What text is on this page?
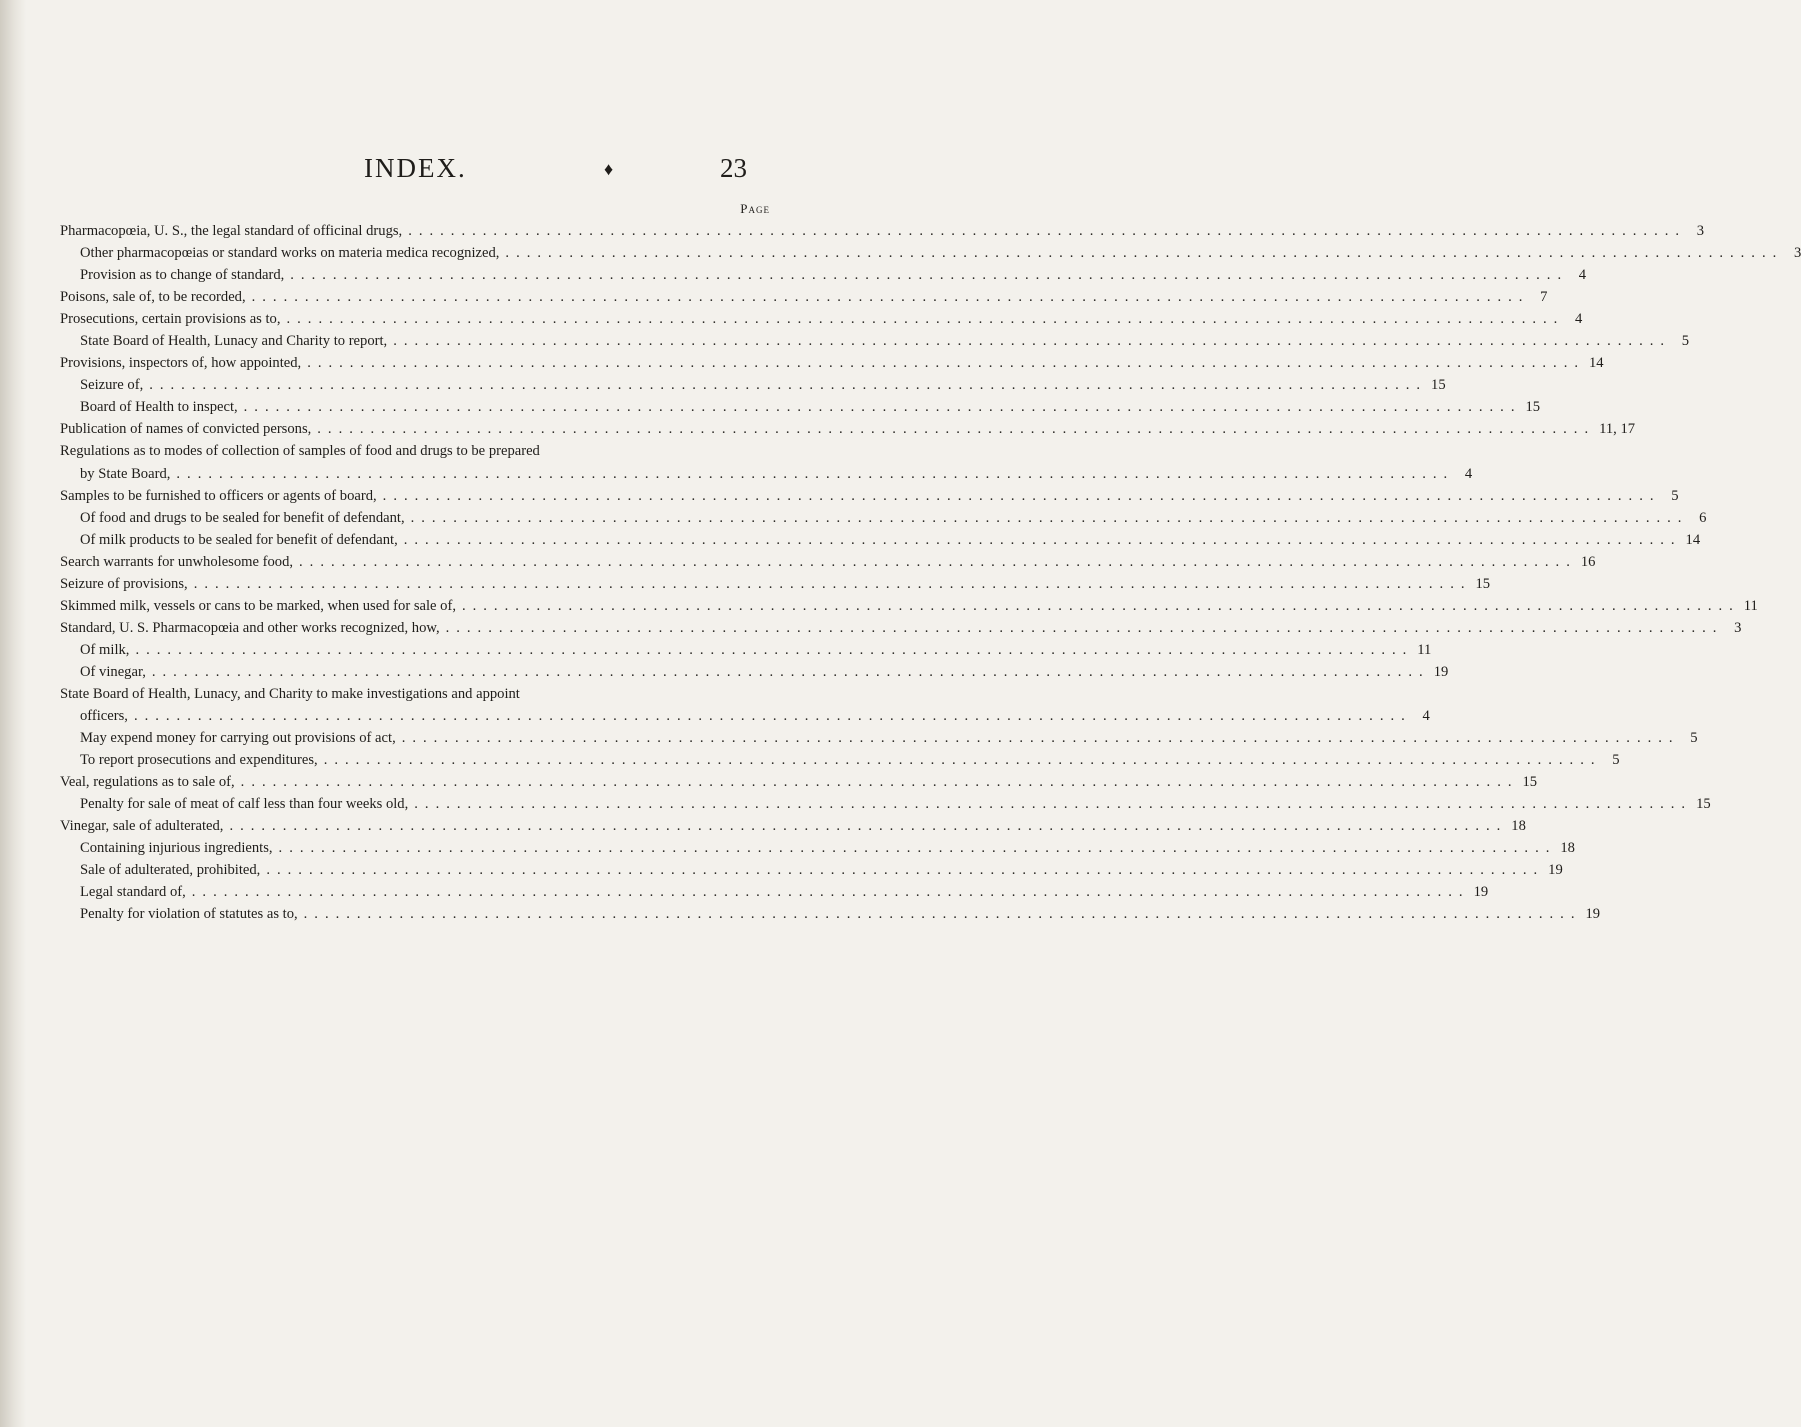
INDEX.	♦	23
Page
Pharmacopœia, U. S., the legal standard of officinal drugs, ........................................................................................................................ 3
Other pharmacopœias or standard works on materia medica recognized, ........................................................................................................................ 3
Provision as to change of standard, ........................................................................................................................ 4
Poisons, sale of, to be recorded, ........................................................................................................................ 7
Prosecutions, certain provisions as to, ........................................................................................................................ 4
State Board of Health, Lunacy and Charity to report, ........................................................................................................................ 5
Provisions, inspectors of, how appointed, ........................................................................................................................ 14
Seizure of, ........................................................................................................................ 15
Board of Health to inspect, ........................................................................................................................ 15
Publication of names of convicted persons, ........................................................................................................................ 11, 17
Regulations as to modes of collection of samples of food and drugs to be prepared
by State Board, ........................................................................................................................ 4
Samples to be furnished to officers or agents of board, ........................................................................................................................ 5
Of food and drugs to be sealed for benefit of defendant, ........................................................................................................................ 6
Of milk products to be sealed for benefit of defendant, ........................................................................................................................ 14
Search warrants for unwholesome food, ........................................................................................................................ 16
Seizure of provisions, ........................................................................................................................ 15
Skimmed milk, vessels or cans to be marked, when used for sale of, ........................................................................................................................ 11
Standard, U. S. Pharmacopœia and other works recognized, how, ........................................................................................................................ 3
Of milk, ........................................................................................................................ 11
Of vinegar, ........................................................................................................................ 19
State Board of Health, Lunacy, and Charity to make investigations and appoint
officers, ........................................................................................................................ 4
May expend money for carrying out provisions of act, ........................................................................................................................ 5
To report prosecutions and expenditures, ........................................................................................................................ 5
Veal, regulations as to sale of, ........................................................................................................................ 15
Penalty for sale of meat of calf less than four weeks old, ........................................................................................................................ 15
Vinegar, sale of adulterated, ........................................................................................................................ 18
Containing injurious ingredients, ........................................................................................................................ 18
Sale of adulterated, prohibited, ........................................................................................................................ 19
Legal standard of, ........................................................................................................................ 19
Penalty for violation of statutes as to, ........................................................................................................................ 19
